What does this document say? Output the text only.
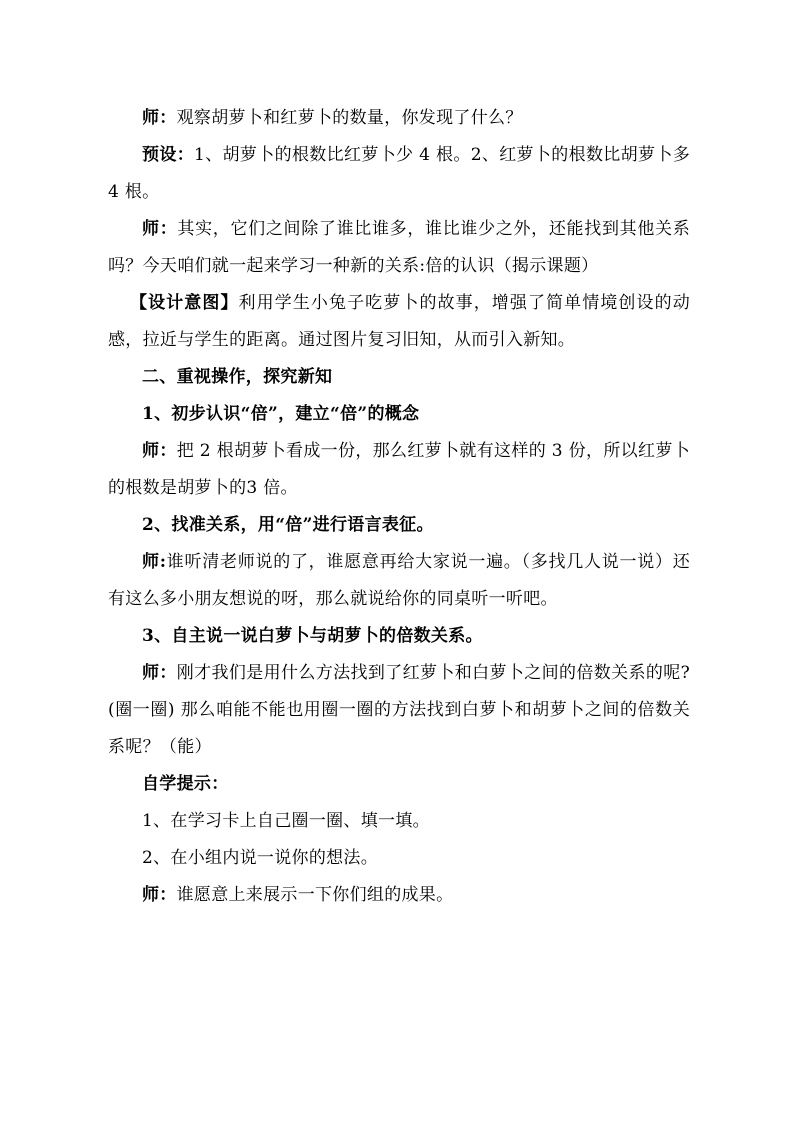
师：观察胡萝卜和红萝卜的数量，你发现了什么？

预设：1、胡萝卜的根数比红萝卜少 4 根。2、红萝卜的根数比胡萝卜多 4 根。

师：其实，它们之间除了谁比谁多，谁比谁少之外，还能找到其他关系吗？今天咱们就一起来学习一种新的关系:倍的认识（揭示课题）

【设计意图】利用学生小兔子吃萝卜的故事，增强了简单情境创设的动感，拉近与学生的距离。通过图片复习旧知，从而引入新知。

二、重视操作，探究新知

1、初步认识“倍”，建立“倍”的概念

师：把 2 根胡萝卜看成一份，那么红萝卜就有这样的 3 份，所以红萝卜的根数是胡萝卜的3 倍。

2、找准关系，用“倍”进行语言表征。

师:谁听清老师说的了，谁愿意再给大家说一遍。（多找几人说一说）还有这么多小朋友想说的呀，那么就说给你的同桌听一听吧。

3、自主说一说白萝卜与胡萝卜的倍数关系。

师：刚才我们是用什么方法找到了红萝卜和白萝卜之间的倍数关系的呢?(圈一圈) 那么咱能不能也用圈一圈的方法找到白萝卜和胡萝卜之间的倍数关系呢？（能）

自学提示：

1、在学习卡上自己圈一圈、填一填。

2、在小组内说一说你的想法。

师：谁愿意上来展示一下你们组的成果。
